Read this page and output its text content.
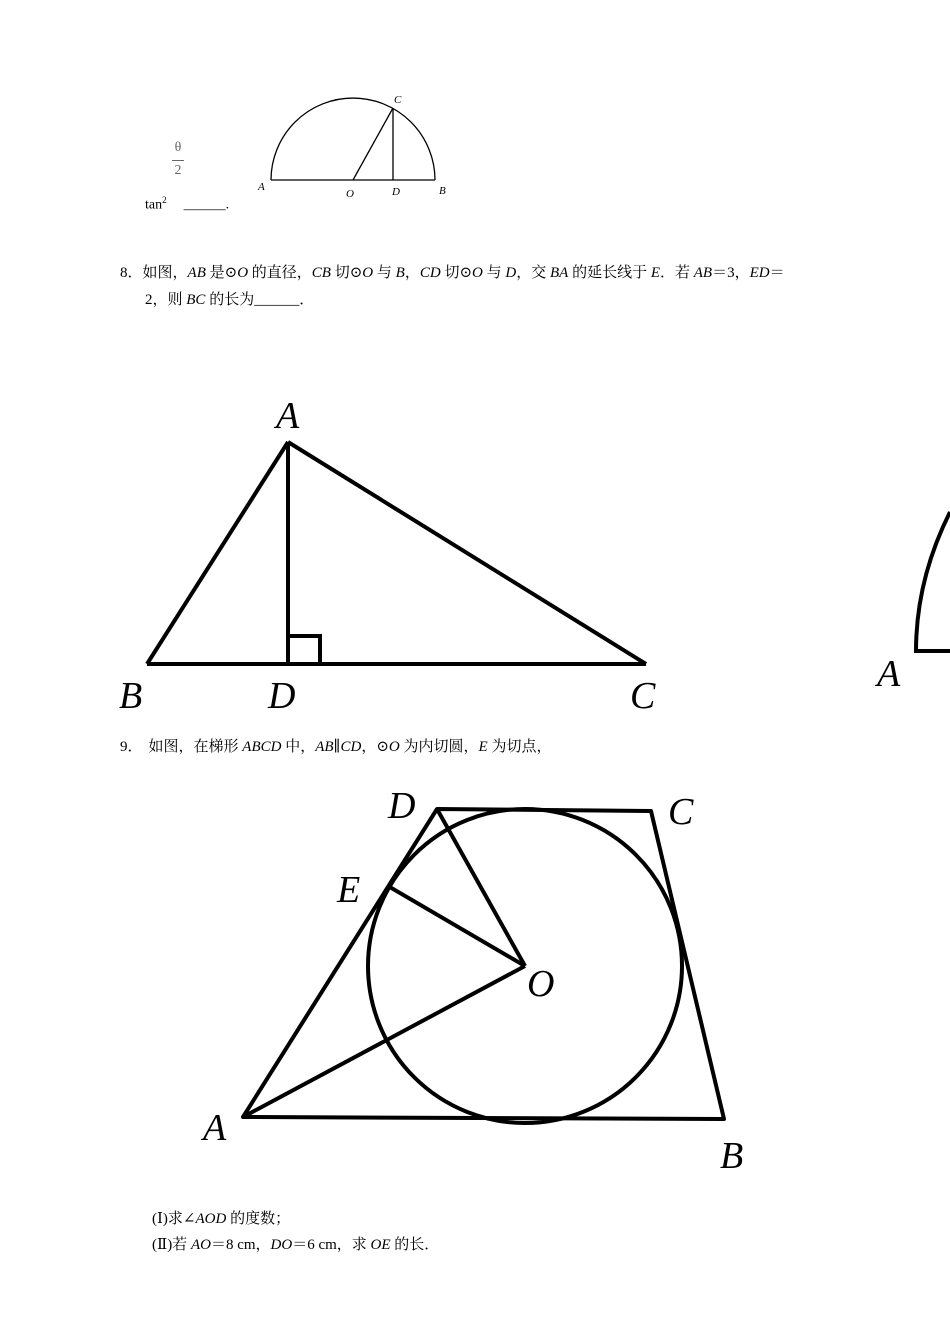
θ
2
$\tan^2$ ______.
A
O	D	B
C
8．如图，AB 是⊙O 的直径，CB 切⊙O 与 B，CD 切⊙O 与 D，交 BA 的延长线于 E．若 AB＝3，ED＝
2，则 BC 的长为______．
A
B	D	C
A
9． 如图，在梯形 ABCD 中，AB∥CD，⊙O 为内切圆，E 为切点，
D	C
E
O
A
B
(Ⅰ)求∠AOD 的度数；
(Ⅱ)若 AO＝8 cm，DO＝6 cm，求 OE 的长．
